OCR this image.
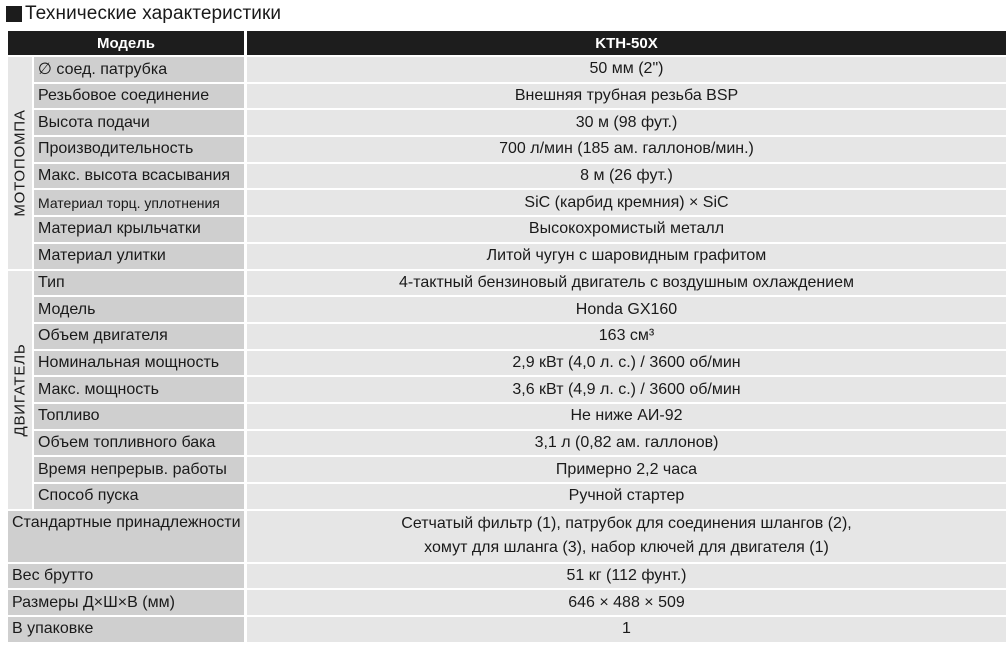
Технические характеристики
Модель	KTH-50X
МОТОПОМПА
∅ соед. патрубка	50 мм (2")
Резьбовое соединение	Внешняя трубная резьба BSP
Высота подачи	30 м (98 фут.)
Производительность	700 л/мин (185 ам. галлонов/мин.)
Макс. высота всасывания	8 м (26 фут.)
Материал торц. уплотнения	SiC (карбид кремния) × SiC
Материал крыльчатки	Высокохромистый металл
Материал улитки	Литой чугун с шаровидным графитом
ДВИГАТЕЛЬ
Тип	4-тактный бензиновый двигатель с воздушным охлаждением
Модель	Honda GX160
Объем двигателя	163 см³
Номинальная мощность	2,9 кВт (4,0 л. с.) / 3600 об/мин
Макс. мощность	3,6 кВт (4,9 л. с.) / 3600 об/мин
Топливо	Не ниже АИ-92
Объем топливного бака	3,1 л (0,82 ам. галлонов)
Время непрерыв. работы	Примерно 2,2 часа
Способ пуска	Ручной стартер
Стандартные принадлежности	Сетчатый фильтр (1), патрубок для соединения шлангов (2),
хомут для шланга (3), набор ключей для двигателя (1)
Вес брутто	51 кг (112 фунт.)
Размеры Д×Ш×В (мм)	646 × 488 × 509
В упаковке	1
